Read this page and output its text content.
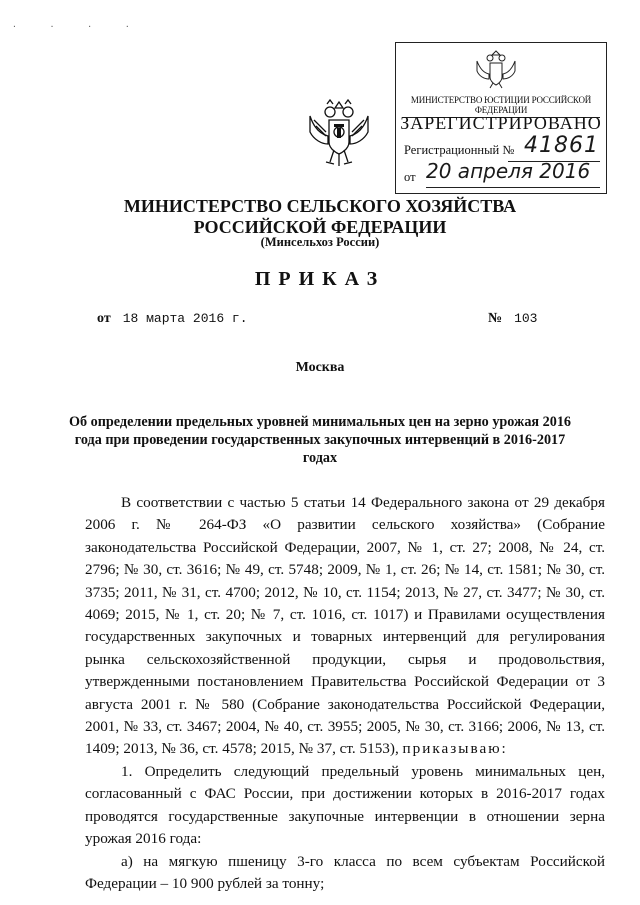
· · · ·
МИНИСТЕРСТВО ЮСТИЦИИ РОССИЙСКОЙ ФЕДЕРАЦИИ
ЗАРЕГИСТРИРОВАНО
Регистрационный № 41861
от 20 апреля 2016
МИНИСТЕРСТВО СЕЛЬСКОГО ХОЗЯЙСТВА
РОССИЙСКОЙ ФЕДЕРАЦИИ
(Минсельхоз России)
ПРИКАЗ
от 18 марта 2016 г.	№ 103
Москва
Об определении предельных уровней минимальных цен на зерно урожая 2016 года при проведении государственных закупочных интервенций в 2016-2017 годах

В соответствии с частью 5 статьи 14 Федерального закона от 29 декабря 2006 г. № 264-ФЗ «О развитии сельского хозяйства» (Собрание законодательства Российской Федерации, 2007, № 1, ст. 27; 2008, № 24, ст. 2796; № 30, ст. 3616; № 49, ст. 5748; 2009, № 1, ст. 26; № 14, ст. 1581; № 30, ст. 3735; 2011, № 31, ст. 4700; 2012, № 10, ст. 1154; 2013, № 27, ст. 3477; № 30, ст. 4069; 2015, № 1, ст. 20; № 7, ст. 1016, ст. 1017) и Правилами осуществления государственных закупочных и товарных интервенций для регулирования рынка сельскохозяйственной продукции, сырья и продовольствия, утвержденными постановлением Правительства Российской Федерации от 3 августа 2001 г. № 580 (Собрание законодательства Российской Федерации, 2001, № 33, ст. 3467; 2004, № 40, ст. 3955; 2005, № 30, ст. 3166; 2006, № 13, ст. 1409; 2013, № 36, ст. 4578; 2015, № 37, ст. 5153), приказываю:

1. Определить следующий предельный уровень минимальных цен, согласованный с ФАС России, при достижении которых в 2016-2017 годах проводятся государственные закупочные интервенции в отношении зерна урожая 2016 года:

а) на мягкую пшеницу 3-го класса по всем субъектам Российской Федерации – 10 900 рублей за тонну;
